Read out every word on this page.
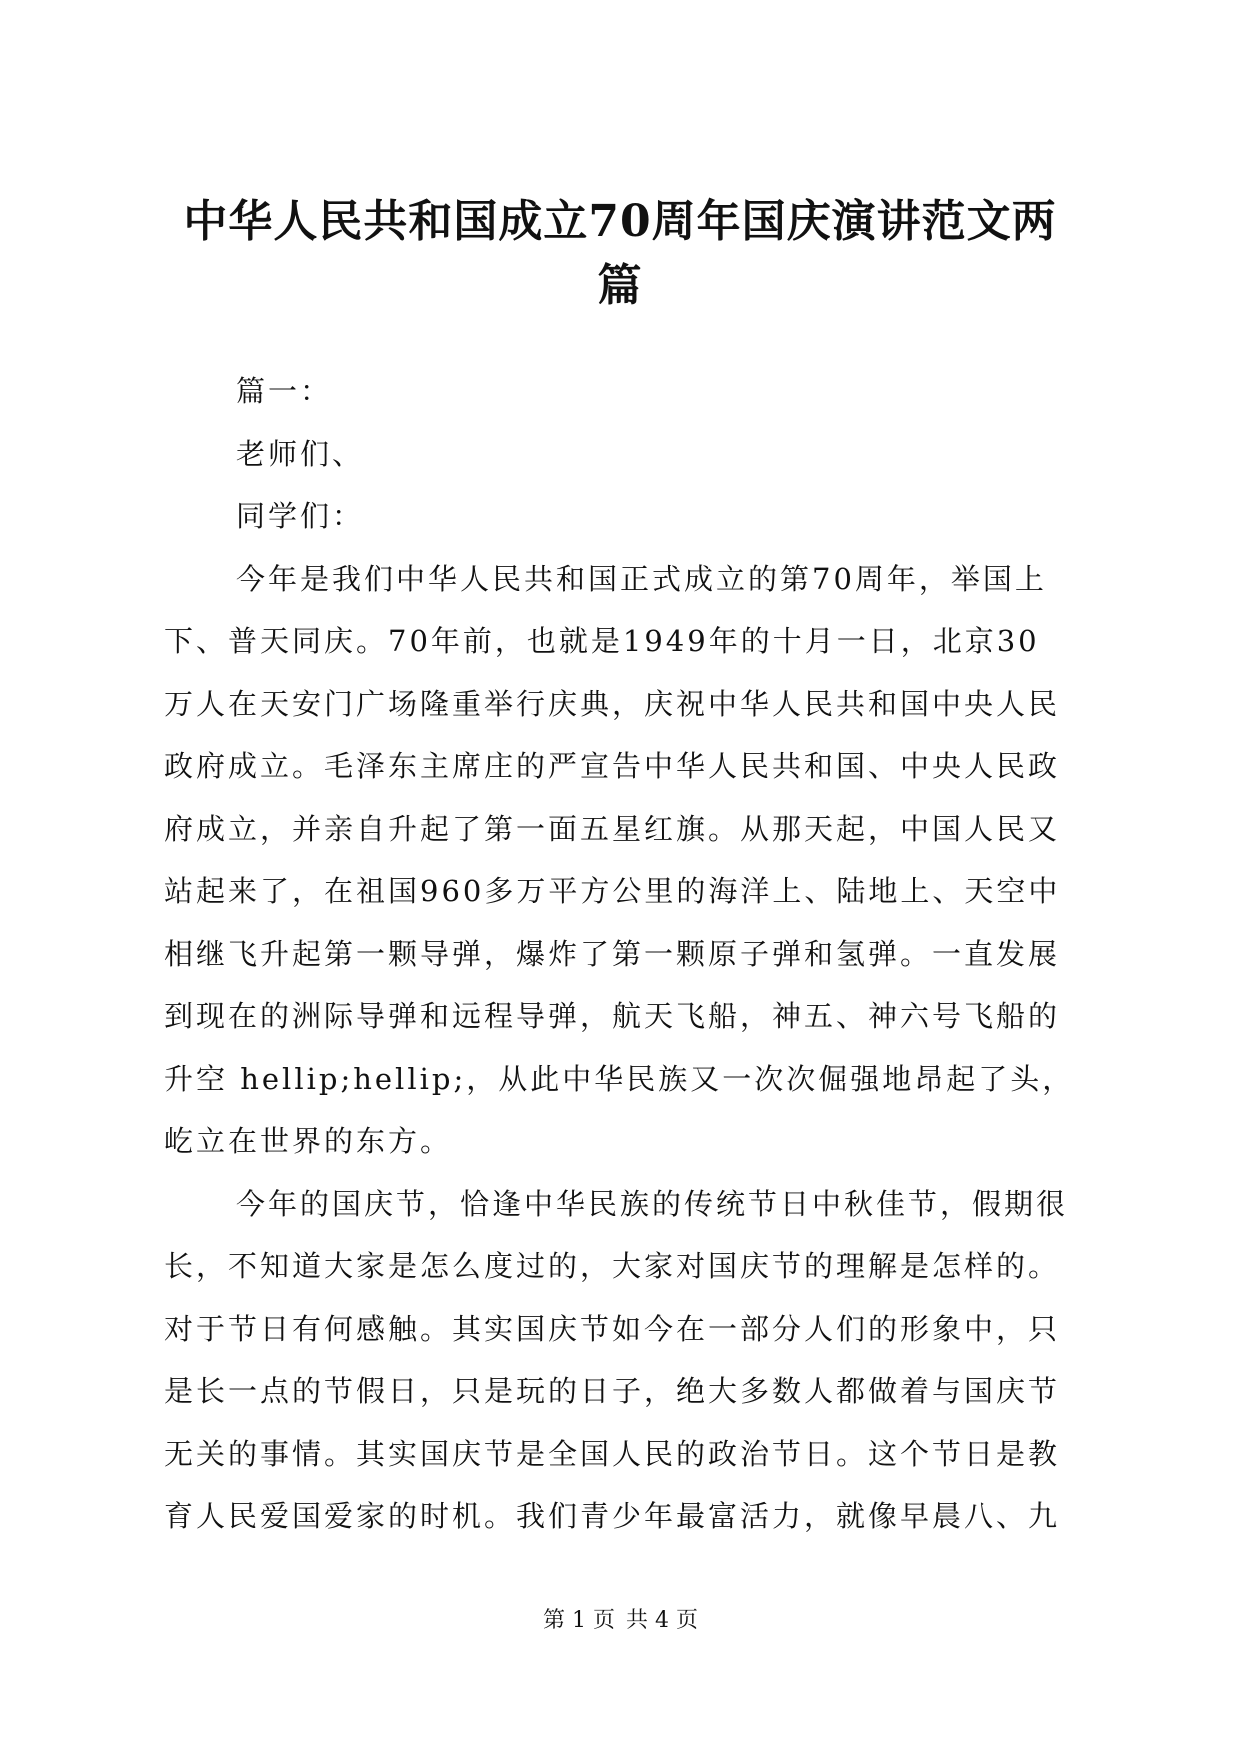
中华人民共和国成立70周年国庆演讲范文两
篇
篇一：
老师们、
同学们：
今年是我们中华人民共和国正式成立的第70周年，举国上
下、普天同庆。70年前，也就是1949年的十月一日，北京30
万人在天安门广场隆重举行庆典，庆祝中华人民共和国中央人民
政府成立。毛泽东主席庄的严宣告中华人民共和国、中央人民政
府成立，并亲自升起了第一面五星红旗。从那天起，中国人民又
站起来了，在祖国960多万平方公里的海洋上、陆地上、天空中
相继飞升起第一颗导弹，爆炸了第一颗原子弹和氢弹。一直发展
到现在的洲际导弹和远程导弹，航天飞船，神五、神六号飞船的
升空 hellip;hellip;，从此中华民族又一次次倔强地昂起了头，
屹立在世界的东方。
今年的国庆节，恰逢中华民族的传统节日中秋佳节，假期很
长，不知道大家是怎么度过的，大家对国庆节的理解是怎样的。
对于节日有何感触。其实国庆节如今在一部分人们的形象中，只
是长一点的节假日，只是玩的日子，绝大多数人都做着与国庆节
无关的事情。其实国庆节是全国人民的政治节日。这个节日是教
育人民爱国爱家的时机。我们青少年最富活力，就像早晨八、九
第 1 页 共 4 页
